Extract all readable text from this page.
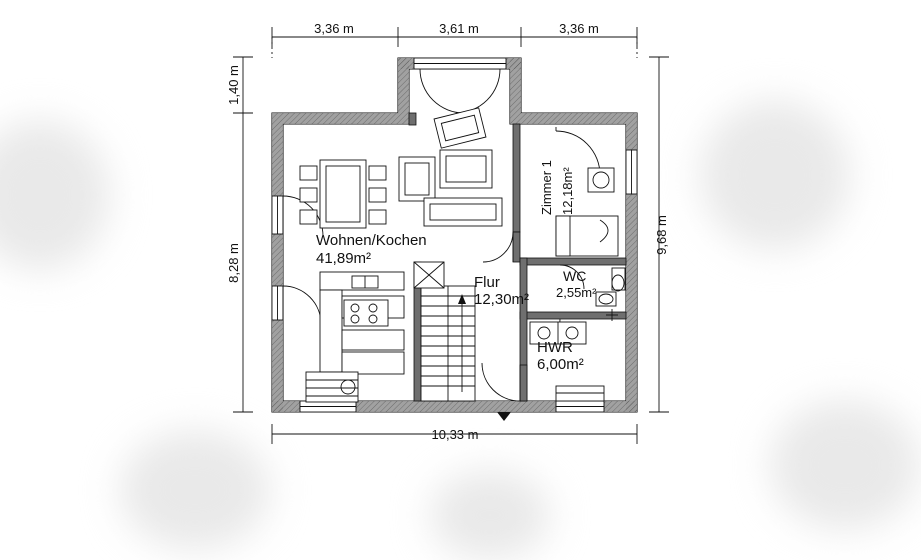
3,36 m	3,61 m	3,36 m
1,40 m
8,28 m
9,68 m
10,33 m
Wohnen/Kochen
41,89m²
Zimmer 1 12,18m²
Flur
12,30m²
WC
2,55m²
HWR
6,00m²
